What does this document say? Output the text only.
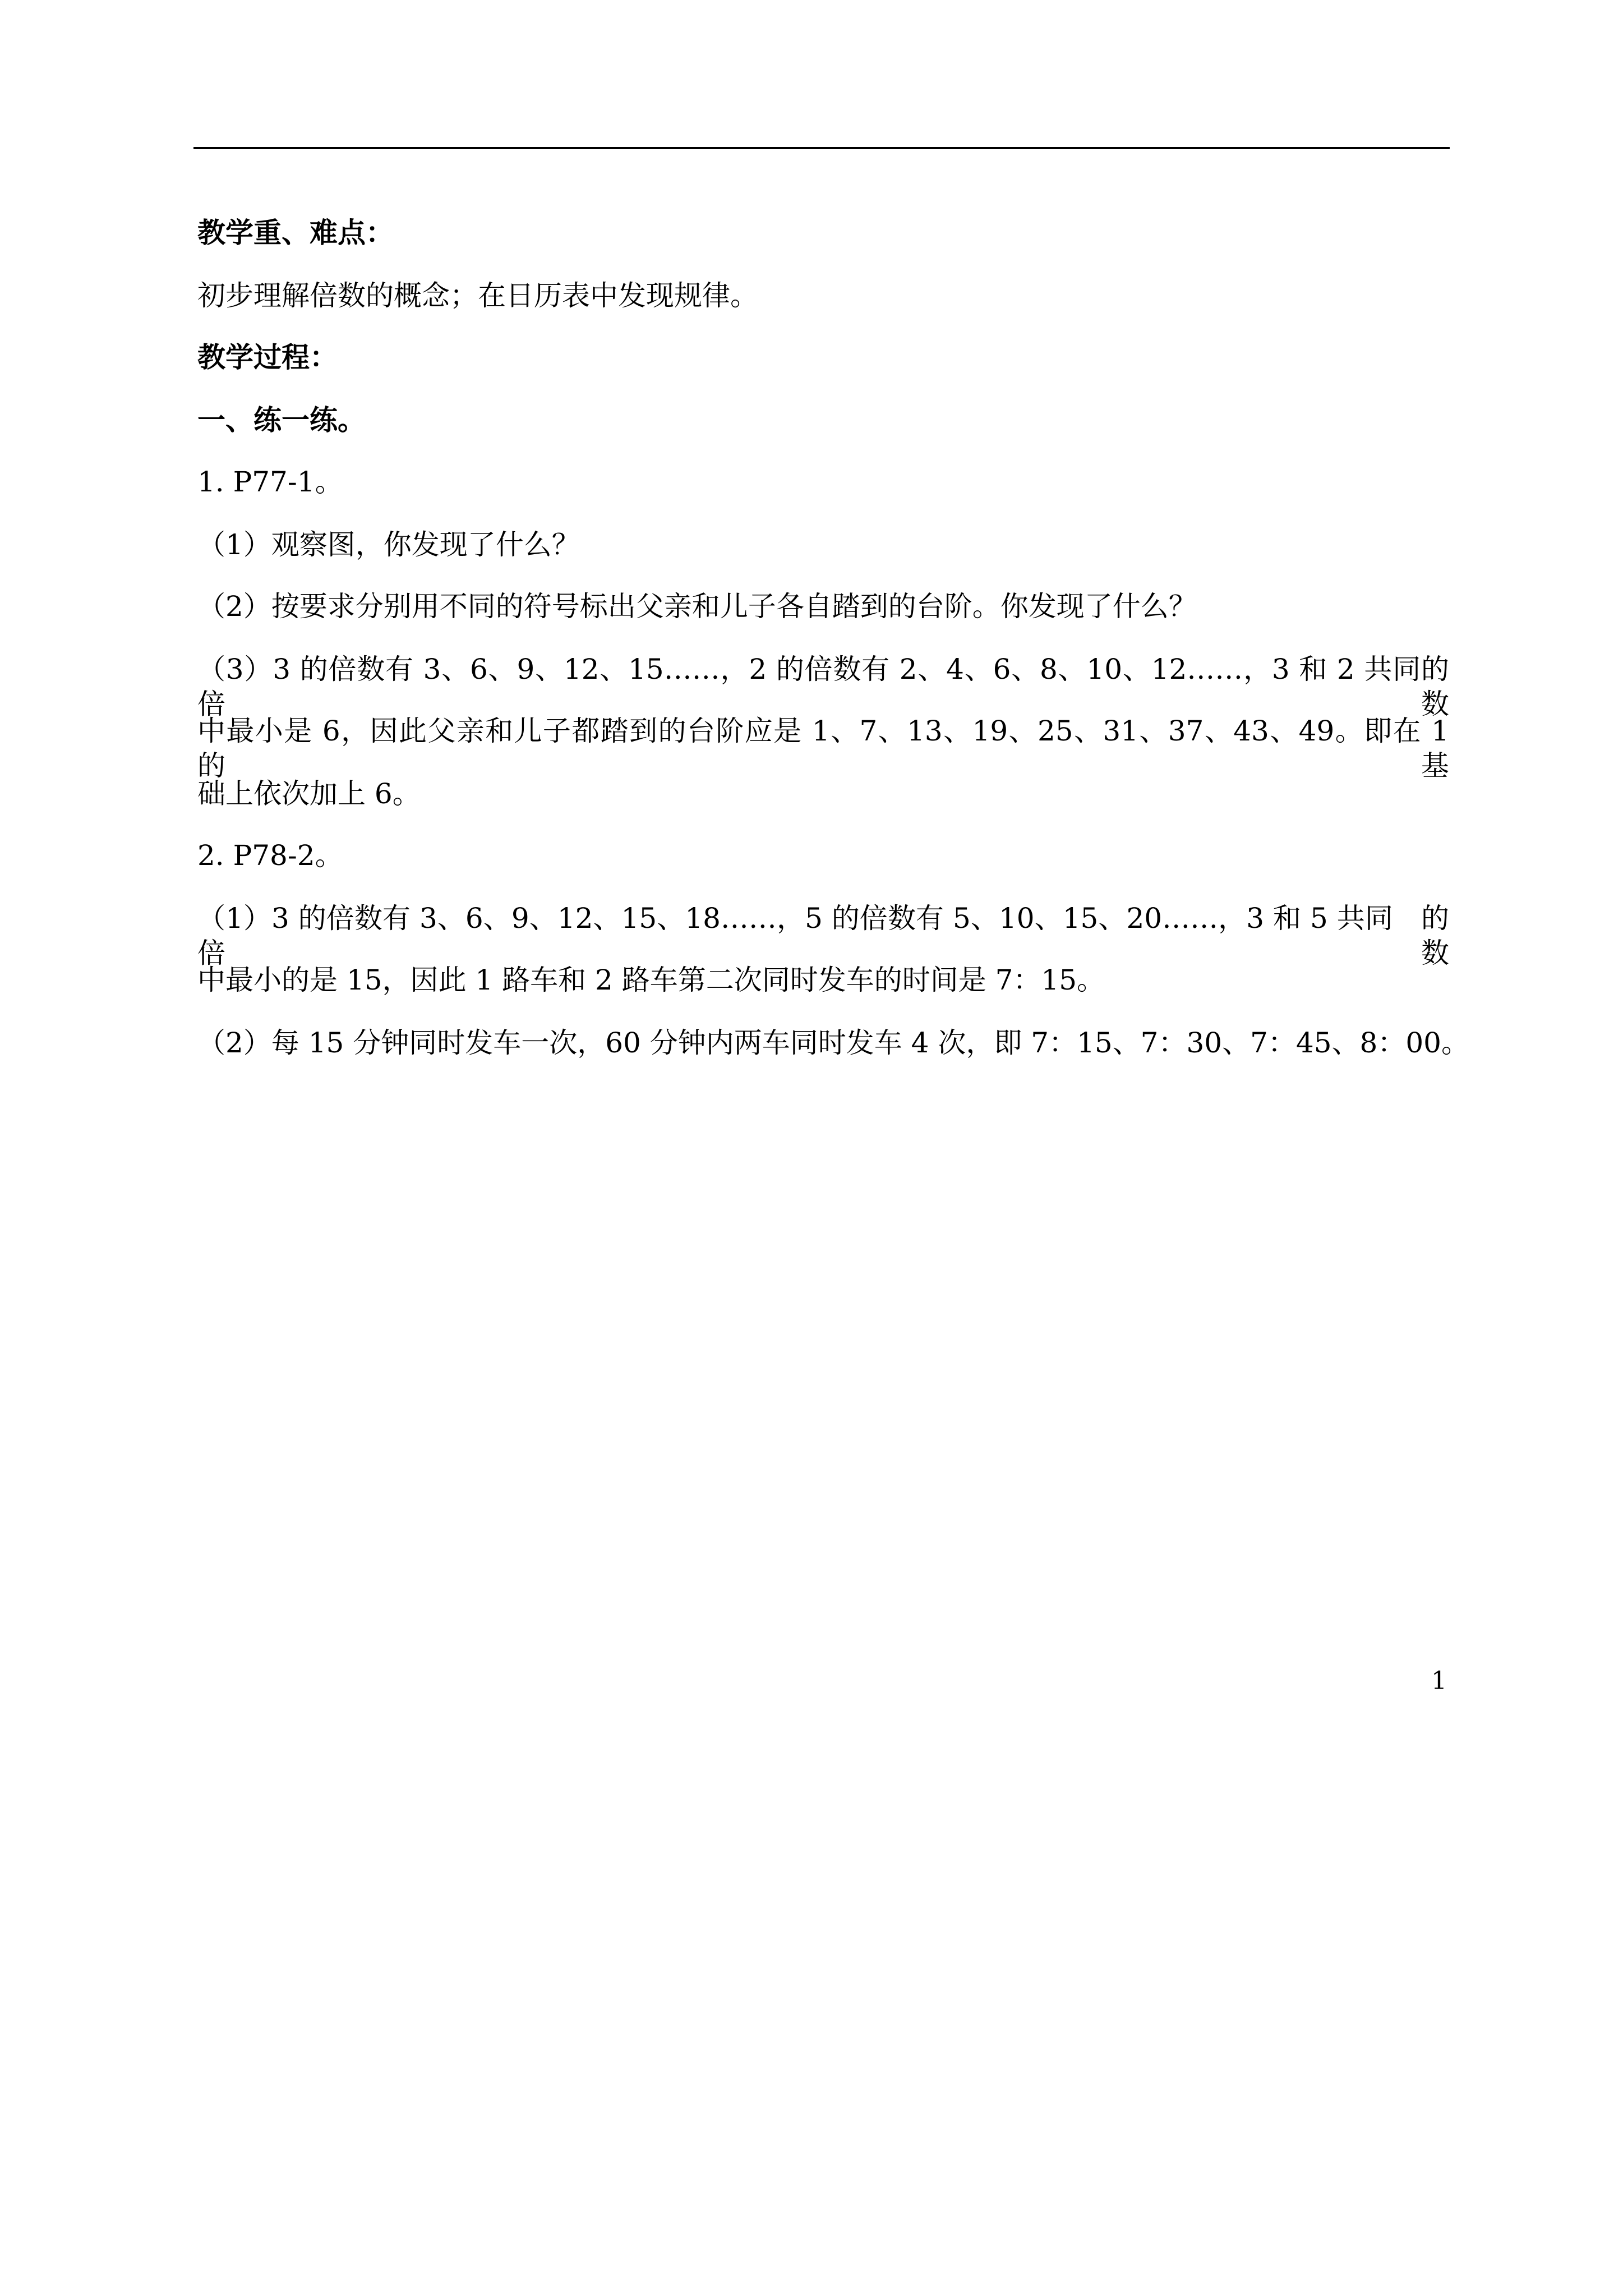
教学重、难点：
初步理解倍数的概念；在日历表中发现规律。
教学过程：
一、练一练。
1. P77-1。
（1）观察图，你发现了什么？
（2）按要求分别用不同的符号标出父亲和儿子各自踏到的台阶。你发现了什么？
（3）3 的倍数有 3、6、9、12、15……，2 的倍数有 2、4、6、8、10、12……，3 和 2 共同的倍数
中最小是 6，因此父亲和儿子都踏到的台阶应是 1、7、13、19、25、31、37、43、49。即在 1 的基
础上依次加上 6。
2. P78-2。
（1）3 的倍数有 3、6、9、12、15、18……，5 的倍数有 5、10、15、20……，3 和 5 共同　的倍数
中最小的是 15，因此 1 路车和 2 路车第二次同时发车的时间是 7：15。
（2）每 15 分钟同时发车一次，60 分钟内两车同时发车 4 次，即 7：15、7：30、7：45、8：00。
1
